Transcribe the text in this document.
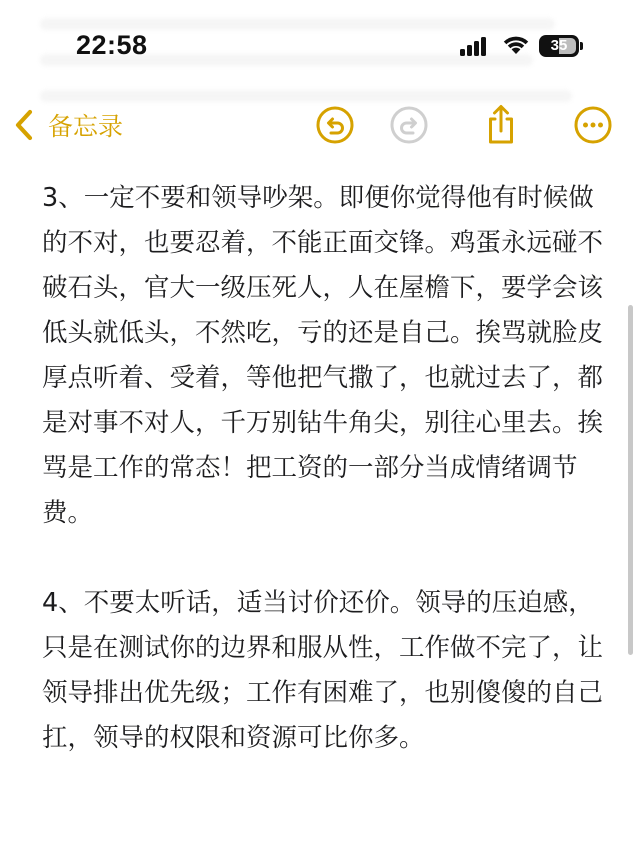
22:58	35
备忘录

3、一定不要和领导吵架。即便你觉得他有时候做的不对，也要忍着，不能正面交锋。鸡蛋永远碰不破石头，官大一级压死人，人在屋檐下，要学会该低头就低头，不然吃，亏的还是自己。挨骂就脸皮厚点听着、受着，等他把气撒了，也就过去了，都是对事不对人，千万别钻牛角尖，别往心里去。挨骂是工作的常态！把工资的一部分当成情绪调节费。

4、不要太听话，适当讨价还价。领导的压迫感，只是在测试你的边界和服从性，工作做不完了，让领导排出优先级；工作有困难了，也别傻傻的自己扛，领导的权限和资源可比你多。
